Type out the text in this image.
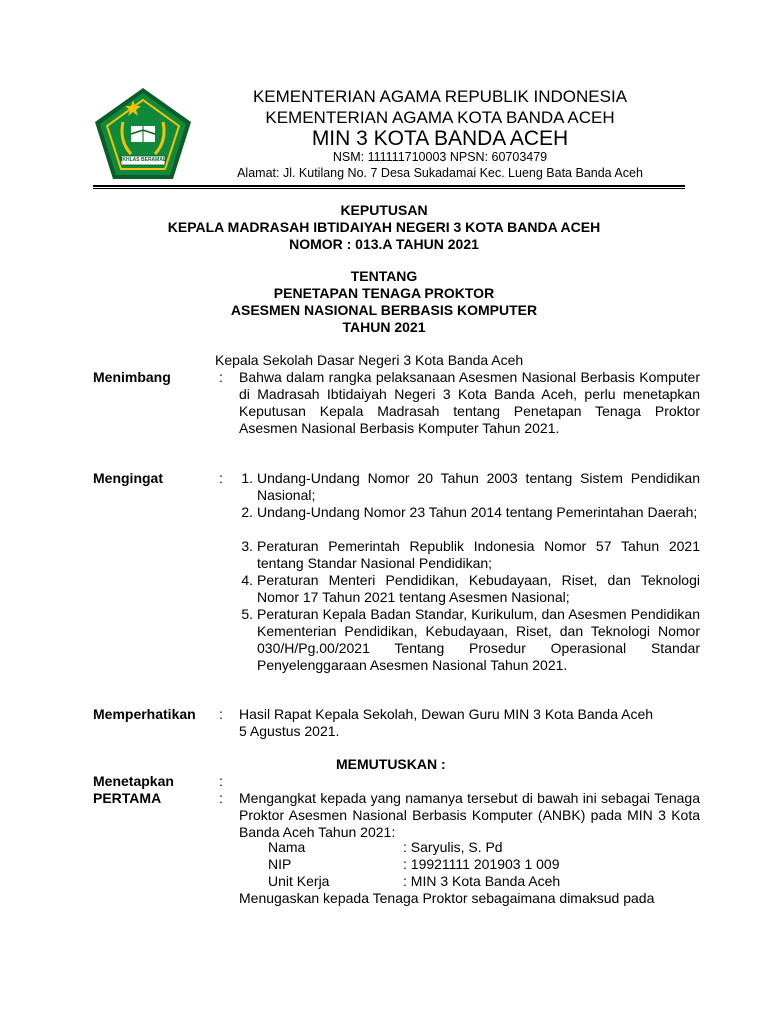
IKHLAS BERAMAL
KEMENTERIAN AGAMA REPUBLIK INDONESIA
KEMENTERIAN AGAMA KOTA BANDA ACEH
MIN 3 KOTA BANDA ACEH
NSM: 111111710003 NPSN: 60703479
Alamat: Jl. Kutilang No. 7 Desa Sukadamai Kec. Lueng Bata Banda Aceh
KEPUTUSAN
KEPALA MADRASAH IBTIDAIYAH NEGERI 3 KOTA BANDA ACEH
NOMOR : 013.A TAHUN 2021
TENTANG
PENETAPAN TENAGA PROKTOR
ASESMEN NASIONAL BERBASIS KOMPUTER
TAHUN 2021
Kepala Sekolah Dasar Negeri 3 Kota Banda Aceh
Menimbang	: Bahwa dalam rangka pelaksanaan Asesmen Nasional Berbasis Komputer di Madrasah Ibtidaiyah Negeri 3 Kota Banda Aceh, perlu menetapkan Keputusan Kepala Madrasah tentang Penetapan Tenaga Proktor Asesmen Nasional Berbasis Komputer Tahun 2021.
Mengingat	:	1. Undang-Undang Nomor 20 Tahun 2003 tentang Sistem Pendidikan Nasional;
2. Undang-Undang Nomor 23 Tahun 2014 tentang Pemerintahan Daerah;
3. Peraturan Pemerintah Republik Indonesia Nomor 57 Tahun 2021 tentang Standar Nasional Pendidikan;
4. Peraturan Menteri Pendidikan, Kebudayaan, Riset, dan Teknologi Nomor 17 Tahun 2021 tentang Asesmen Nasional;
5. Peraturan Kepala Badan Standar, Kurikulum, dan Asesmen Pendidikan Kementerian Pendidikan, Kebudayaan, Riset, dan Teknologi Nomor 030/H/Pg.00/2021 Tentang Prosedur Operasional Standar Penyelenggaraan Asesmen Nasional Tahun 2021.
Memperhatikan : Hasil Rapat Kepala Sekolah, Dewan Guru MIN 3 Kota Banda Aceh
5 Agustus 2021.
MEMUTUSKAN :
Menetapkan	:
PERTAMA	: Mengangkat kepada yang namanya tersebut di bawah ini sebagai Tenaga Proktor Asesmen Nasional Berbasis Komputer (ANBK) pada MIN 3 Kota Banda Aceh Tahun 2021:
Nama	: Saryulis, S. Pd
NIP	: 19921111 201903 1 009
Unit Kerja	: MIN 3 Kota Banda Aceh
Menugaskan kepada Tenaga Proktor sebagaimana dimaksud pada
